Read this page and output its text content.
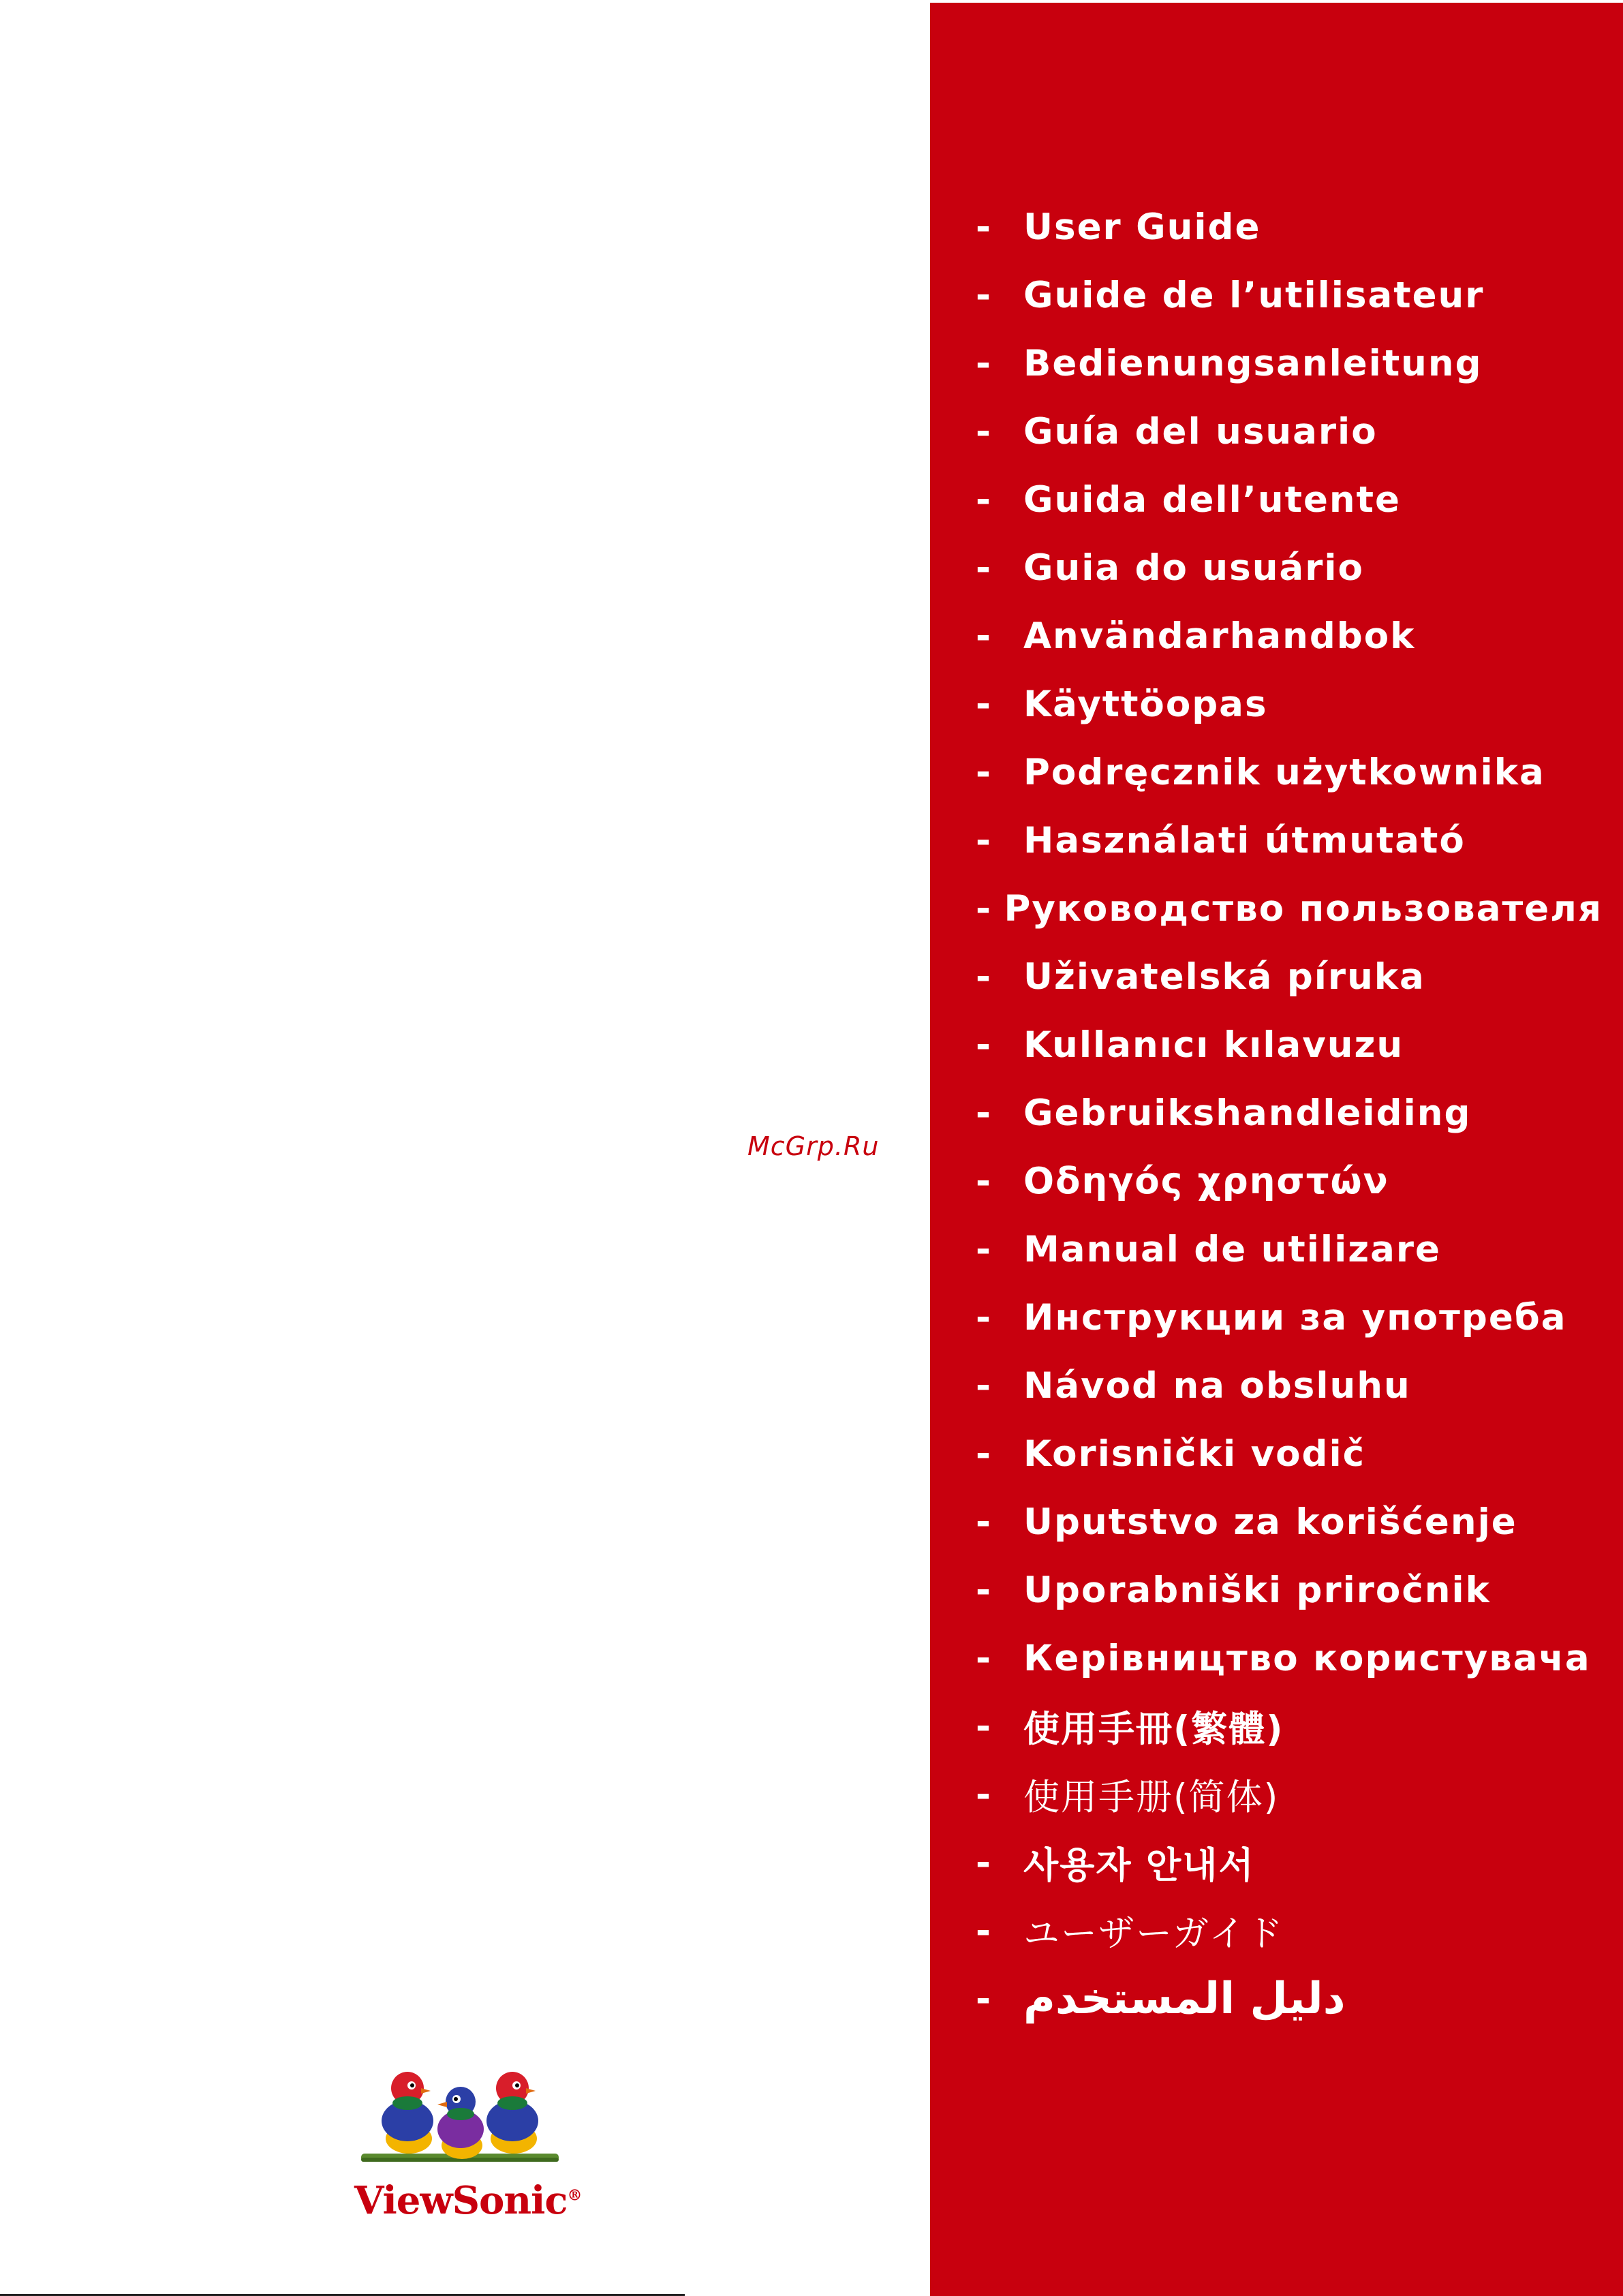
McGrp.Ru
ViewSonic®
- User Guide
- Guide de l’utilisateur
- Bedienungsanleitung
- Guía del usuario
- Guida dell’utente
- Guia do usuário
- Användarhandbok
- Käyttöopas
- Podręcznik użytkownika
- Használati útmutató
- Руководство пользователя
- Uživatelská píruka
- Kullanıcı kılavuzu
- Gebruikshandleiding
- Οδηγός χρηστών
- Manual de utilizare
- Инструкции за употреба
- Návod na obsluhu
- Korisnički vodič
- Uputstvo za korišćenje
- Uporabniški priročnik
- Керівництво користувача
- 使用手冊(繁體)
- 使用手册(简体)
- 사용자 안내서
- ユーザーガイド
- دليل المستخدم
